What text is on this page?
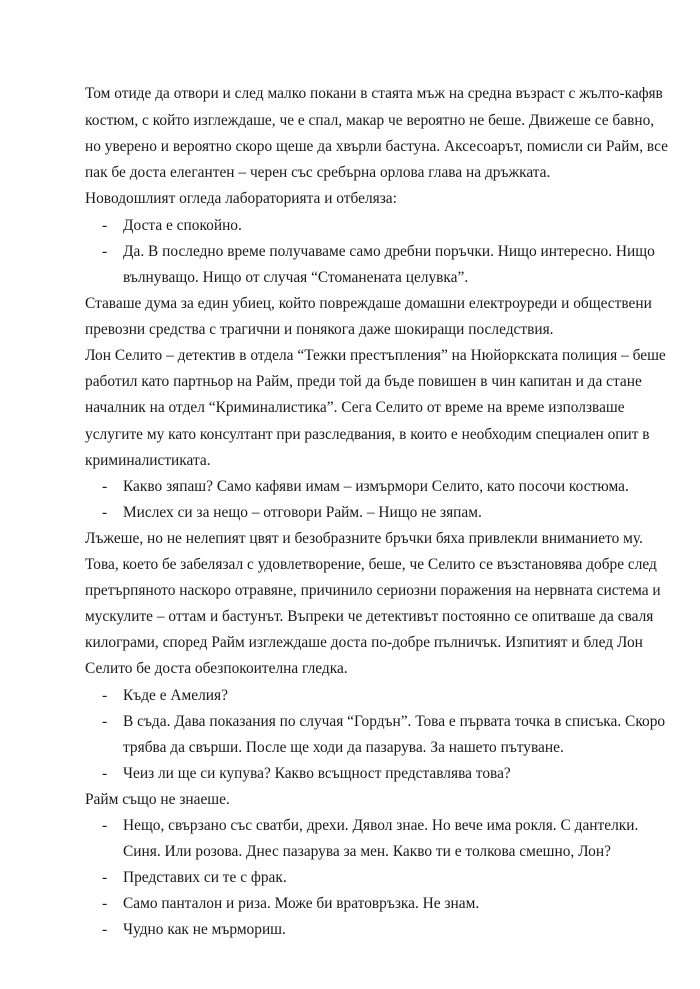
Том отиде да отвори и след малко покани в стаята мъж на средна възраст с жълто-кафяв
костюм, с който изглеждаше, че е спал, макар че вероятно не беше. Движеше се бавно,
но уверено и вероятно скоро щеше да хвърли бастуна. Аксесоарът, помисли си Райм, все
пак бе доста елегантен – черен със сребърна орлова глава на дръжката.
Новодошлият огледа лабораторията и отбеляза:
- Доста е спокойно.
- Да. В последно време получаваме само дребни поръчки. Нищо интересно. Нищо
вълнуващо. Нищо от случая “Стоманената целувка”.
Ставаше дума за един убиец, който повреждаше домашни електроуреди и обществени
превозни средства с трагични и понякога даже шокиращи последствия.
Лон Селито – детектив в отдела “Тежки престъпления” на Нюйоркската полиция – беше
работил като партньор на Райм, преди той да бъде повишен в чин капитан и да стане
началник на отдел “Криминалистика”. Сега Селито от време на време използваше
услугите му като консултант при разследвания, в които е необходим специален опит в
криминалистиката.
- Какво зяпаш? Само кафяви имам – измърмори Селито, като посочи костюма.
- Мислех си за нещо – отговори Райм. – Нищо не зяпам.
Лъжеше, но не нелепият цвят и безобразните бръчки бяха привлекли вниманието му.
Това, което бе забелязал с удовлетворение, беше, че Селито се възстановява добре след
претърпяното наскоро отравяне, причинило сериозни поражения на нервната система и
мускулите – оттам и бастунът. Въпреки че детективът постоянно се опитваше да сваля
килограми, според Райм изглеждаше доста по-добре пълничък. Изпитият и блед Лон
Селито бе доста обезпокоителна гледка.
- Къде е Амелия?
- В съда. Дава показания по случая “Гордън”. Това е първата точка в списъка. Скоро
трябва да свърши. После ще ходи да пазарува. За нашето пътуване.
- Чеиз ли ще си купува? Какво всъщност представлява това?
Райм също не знаеше.
- Нещо, свързано със сватби, дрехи. Дявол знае. Но вече има рокля. С дантелки.
Синя. Или розова. Днес пазарува за мен. Какво ти е толкова смешно, Лон?
- Представих си те с фрак.
- Само панталон и риза. Може би вратовръзка. Не знам.
- Чудно как не мърмориш.
